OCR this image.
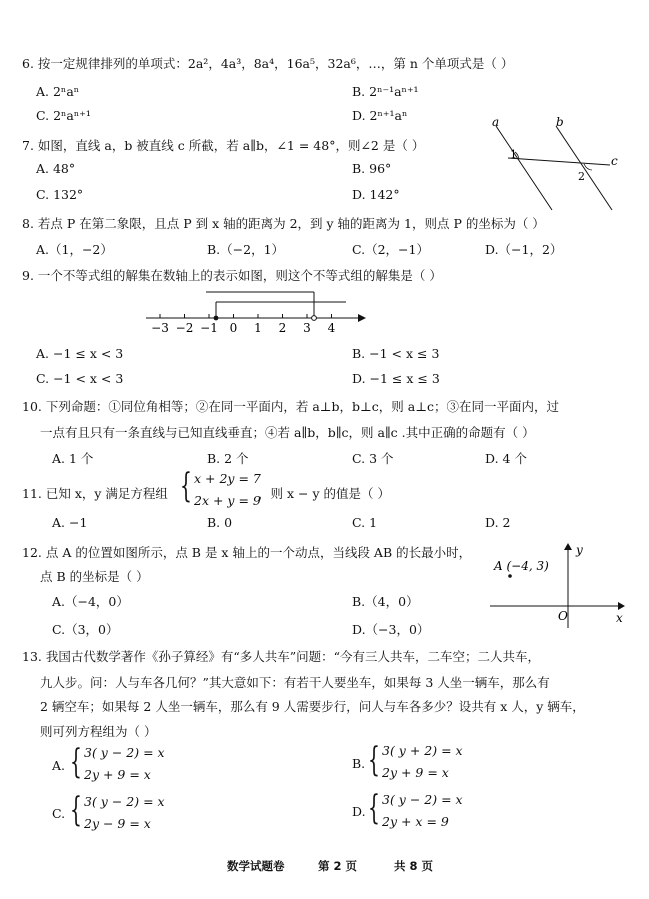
6. 按一定规律排列的单项式：2a²，4a³，8a⁴，16a⁵，32a⁶，…，第 n 个单项式是（ ）
A. 2ⁿaⁿ	B. 2ⁿ⁻¹aⁿ⁺¹
C. 2ⁿaⁿ⁺¹	D. 2ⁿ⁺¹aⁿ
7. 如图，直线 a，b 被直线 c 所截，若 a∥b，∠1 = 48°，则∠2 是（ ）
A. 48°	B. 96°
C. 132°	D. 142°
a	b
c
1
2
8. 若点 P 在第二象限，且点 P 到 x 轴的距离为 2，到 y 轴的距离为 1，则点 P 的坐标为（ ）
A.（1，−2）	B.（−2，1）	C.（2，−1）	D.（−1，2）
9. 一个不等式组的解集在数轴上的表示如图，则这个不等式组的解集是（ ）
−3 −2 −1 0 1 2 3 4
A. −1 ≤ x < 3	B. −1 < x ≤ 3
C. −1 < x < 3	D. −1 ≤ x ≤ 3
10. 下列命题：①同位角相等；②在同一平面内，若 a⊥b，b⊥c，则 a⊥c；③在同一平面内，过
一点有且只有一条直线与已知直线垂直；④若 a∥b，b∥c，则 a∥c .其中正确的命题有（ ）
A. 1 个	B. 2 个	C. 3 个	D. 4 个
11. 已知 x，y 满足方程组 { x + 2y = 7
2x + y = 9
，则 x − y 的值是（ ）
A. −1	B. 0	C. 1	D. 2
12. 点 A 的位置如图所示，点 B 是 x 轴上的一个动点，当线段 AB 的长最小时，
点 B 的坐标是（ ）
A.（−4，0）	B.（4，0）
C.（3，0）	D.（−3，0）
A (−4, 3)
y
x
O
13. 我国古代数学著作《孙子算经》有“多人共车”问题：“今有三人共车，二车空；二人共车，
九人步。问：人与车各几何？”其大意如下：有若干人要坐车，如果每 3 人坐一辆车，那么有
2 辆空车；如果每 2 人坐一辆车，那么有 9 人需要步行，问人与车各多少？设共有 x 人，y 辆车，
则可列方程组为（ ）
A. { 3( y − 2) = x
2y + 9 = x
B. { 3( y + 2) = x
2y + 9 = x
C. { 3( y − 2) = x
2y − 9 = x
D. { 3( y − 2) = x
2y + x = 9
数学试题卷	第 2 页	共 8 页
